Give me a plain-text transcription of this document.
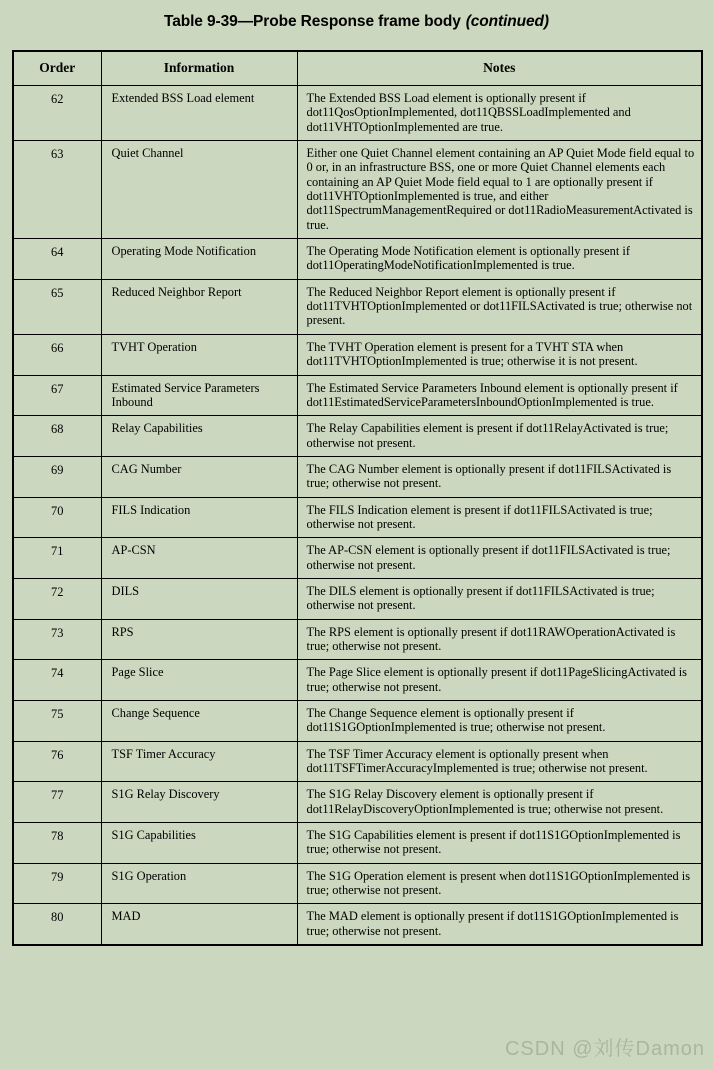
Table 9-39—Probe Response frame body (continued)
Order	Information	Notes
62	Extended BSS Load element	The Extended BSS Load element is optionally present if dot11QosOptionImplemented, dot11QBSSLoadImplemented and dot11VHTOptionImplemented are true.
63	Quiet Channel	Either one Quiet Channel element containing an AP Quiet Mode field equal to 0 or, in an infrastructure BSS, one or more Quiet Channel elements each containing an AP Quiet Mode field equal to 1 are optionally present if dot11VHTOptionImplemented is true, and either dot11SpectrumManagementRequired or dot11RadioMeasurementActivated is true.
64	Operating Mode Notification	The Operating Mode Notification element is optionally present if dot11OperatingModeNotificationImplemented is true.
65	Reduced Neighbor Report	The Reduced Neighbor Report element is optionally present if dot11TVHTOptionImplemented or dot11FILSActivated is true; otherwise not present.
66	TVHT Operation	The TVHT Operation element is present for a TVHT STA when dot11TVHTOptionImplemented is true; otherwise it is not present.
67	Estimated Service Parameters Inbound	The Estimated Service Parameters Inbound element is optionally present if dot11EstimatedServiceParametersInboundOptionImplemented is true.
68	Relay Capabilities	The Relay Capabilities element is present if dot11RelayActivated is true; otherwise not present.
69	CAG Number	The CAG Number element is optionally present if dot11FILSActivated is true; otherwise not present.
70	FILS Indication	The FILS Indication element is present if dot11FILSActivated is true; otherwise not present.
71	AP-CSN	The AP-CSN element is optionally present if dot11FILSActivated is true; otherwise not present.
72	DILS	The DILS element is optionally present if dot11FILSActivated is true; otherwise not present.
73	RPS	The RPS element is optionally present if dot11RAWOperationActivated is true; otherwise not present.
74	Page Slice	The Page Slice element is optionally present if dot11PageSlicingActivated is true; otherwise not present.
75	Change Sequence	The Change Sequence element is optionally present if dot11S1GOptionImplemented is true; otherwise not present.
76	TSF Timer Accuracy	The TSF Timer Accuracy element is optionally present when dot11TSFTimerAccuracyImplemented is true; otherwise not present.
77	S1G Relay Discovery	The S1G Relay Discovery element is optionally present if dot11RelayDiscoveryOptionImplemented is true; otherwise not present.
78	S1G Capabilities	The S1G Capabilities element is present if dot11S1GOptionImplemented is true; otherwise not present.
79	S1G Operation	The S1G Operation element is present when dot11S1GOptionImplemented is true; otherwise not present.
80	MAD	The MAD element is optionally present if dot11S1GOptionImplemented is true; otherwise not present.
CSDN @刘传Damon
